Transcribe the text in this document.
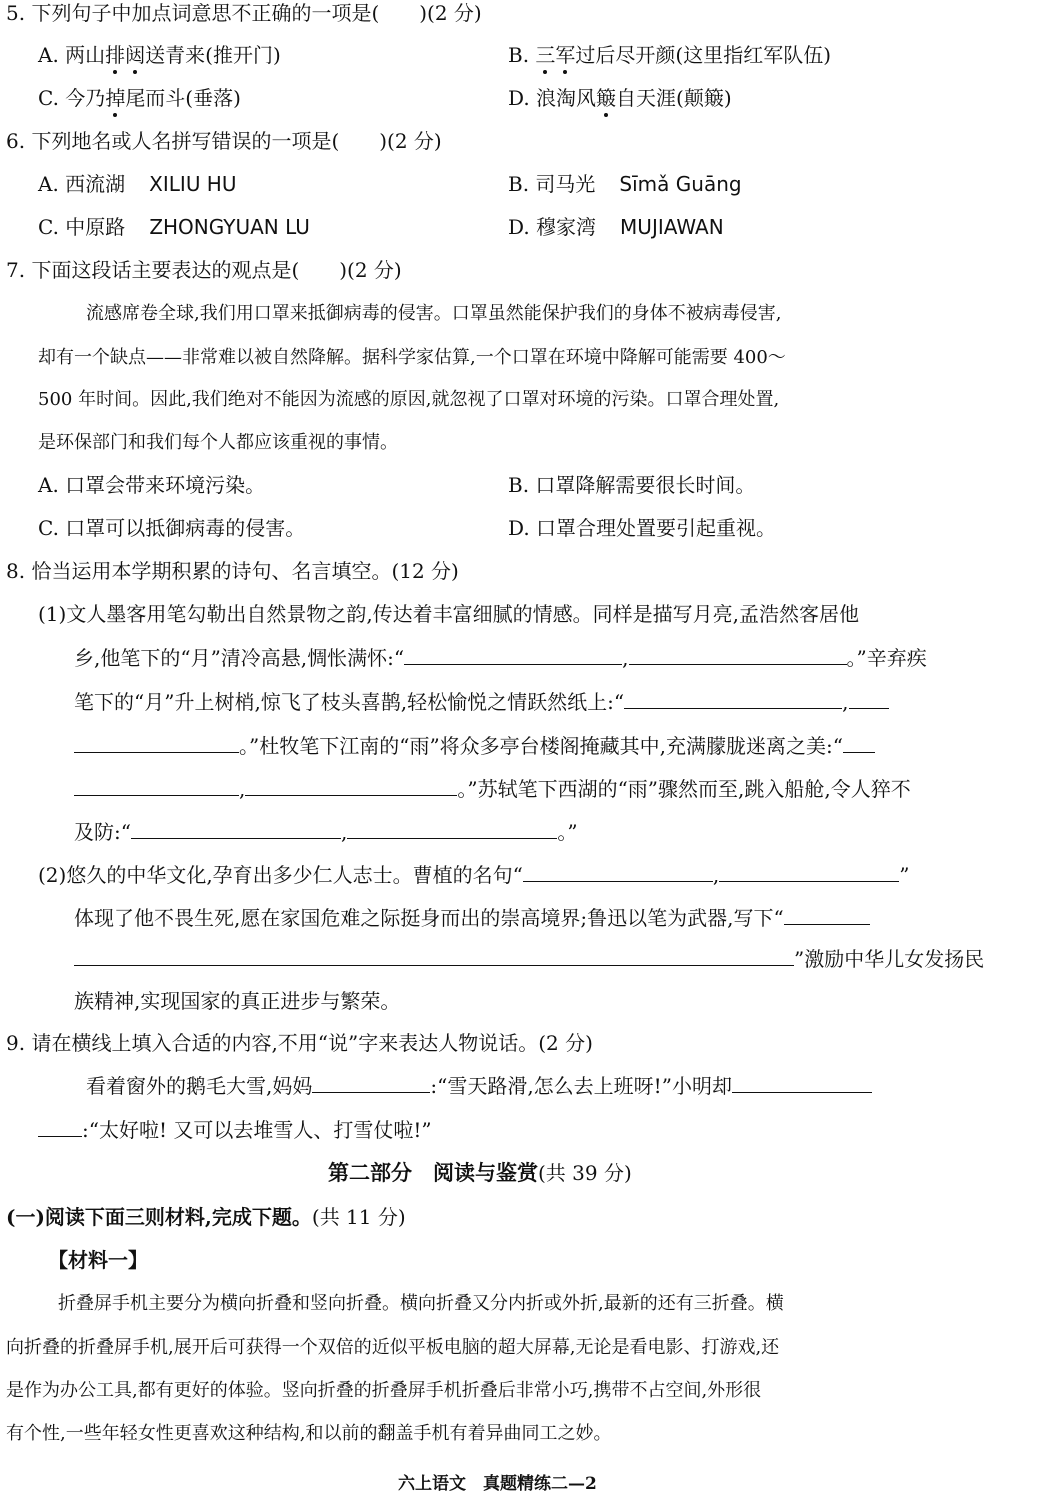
5. 下列句子中加点词意思不正确的一项是(　　)(2 分)
A. 两山排闼送青来(推开门)	B. 三军过后尽开颜(这里指红军队伍)
C. 今乃掉尾而斗(垂落)	D. 浪淘风簸自天涯(颠簸)
6. 下列地名或人名拼写错误的一项是(　　)(2 分)
A. 西流湖 XILIU HU	B. 司马光 Sīmǎ Guāng
C. 中原路 ZHONGYUAN LU	D. 穆家湾 MUJIAWAN
7. 下面这段话主要表达的观点是(　　)(2 分)
流感席卷全球,我们用口罩来抵御病毒的侵害。口罩虽然能保护我们的身体不被病毒侵害,
却有一个缺点——非常难以被自然降解。据科学家估算,一个口罩在环境中降解可能需要 400～
500 年时间。因此,我们绝对不能因为流感的原因,就忽视了口罩对环境的污染。口罩合理处置,
是环保部门和我们每个人都应该重视的事情。
A. 口罩会带来环境污染。	B. 口罩降解需要很长时间。
C. 口罩可以抵御病毒的侵害。	D. 口罩合理处置要引起重视。
8. 恰当运用本学期积累的诗句、名言填空。(12 分)
(1)文人墨客用笔勾勒出自然景物之韵,传达着丰富细腻的情感。同样是描写月亮,孟浩然客居他
乡,他笔下的“月”清冷高悬,惆怅满怀:“	,	。”辛弃疾
笔下的“月”升上树梢,惊飞了枝头喜鹊,轻松愉悦之情跃然纸上:“	,
。”杜牧笔下江南的“雨”将众多亭台楼阁掩藏其中,充满朦胧迷离之美:“
,	。”苏轼笔下西湖的“雨”骤然而至,跳入船舱,令人猝不
及防:“	,	。”
(2)悠久的中华文化,孕育出多少仁人志士。曹植的名句“	,	”
体现了他不畏生死,愿在家国危难之际挺身而出的崇高境界;鲁迅以笔为武器,写下“
”激励中华儿女发扬民
族精神,实现国家的真正进步与繁荣。
9. 请在横线上填入合适的内容,不用“说”字来表达人物说话。(2 分)
看着窗外的鹅毛大雪,妈妈	:“雪天路滑,怎么去上班呀!”小明却
:“太好啦! 又可以去堆雪人、打雪仗啦!”
第二部分　阅读与鉴赏(共 39 分)
(一)阅读下面三则材料,完成下题。(共 11 分)
【材料一】
折叠屏手机主要分为横向折叠和竖向折叠。横向折叠又分内折或外折,最新的还有三折叠。横
向折叠的折叠屏手机,展开后可获得一个双倍的近似平板电脑的超大屏幕,无论是看电影、打游戏,还
是作为办公工具,都有更好的体验。竖向折叠的折叠屏手机折叠后非常小巧,携带不占空间,外形很
有个性,一些年轻女性更喜欢这种结构,和以前的翻盖手机有着异曲同工之妙。
六上语文　真题精练二—2
